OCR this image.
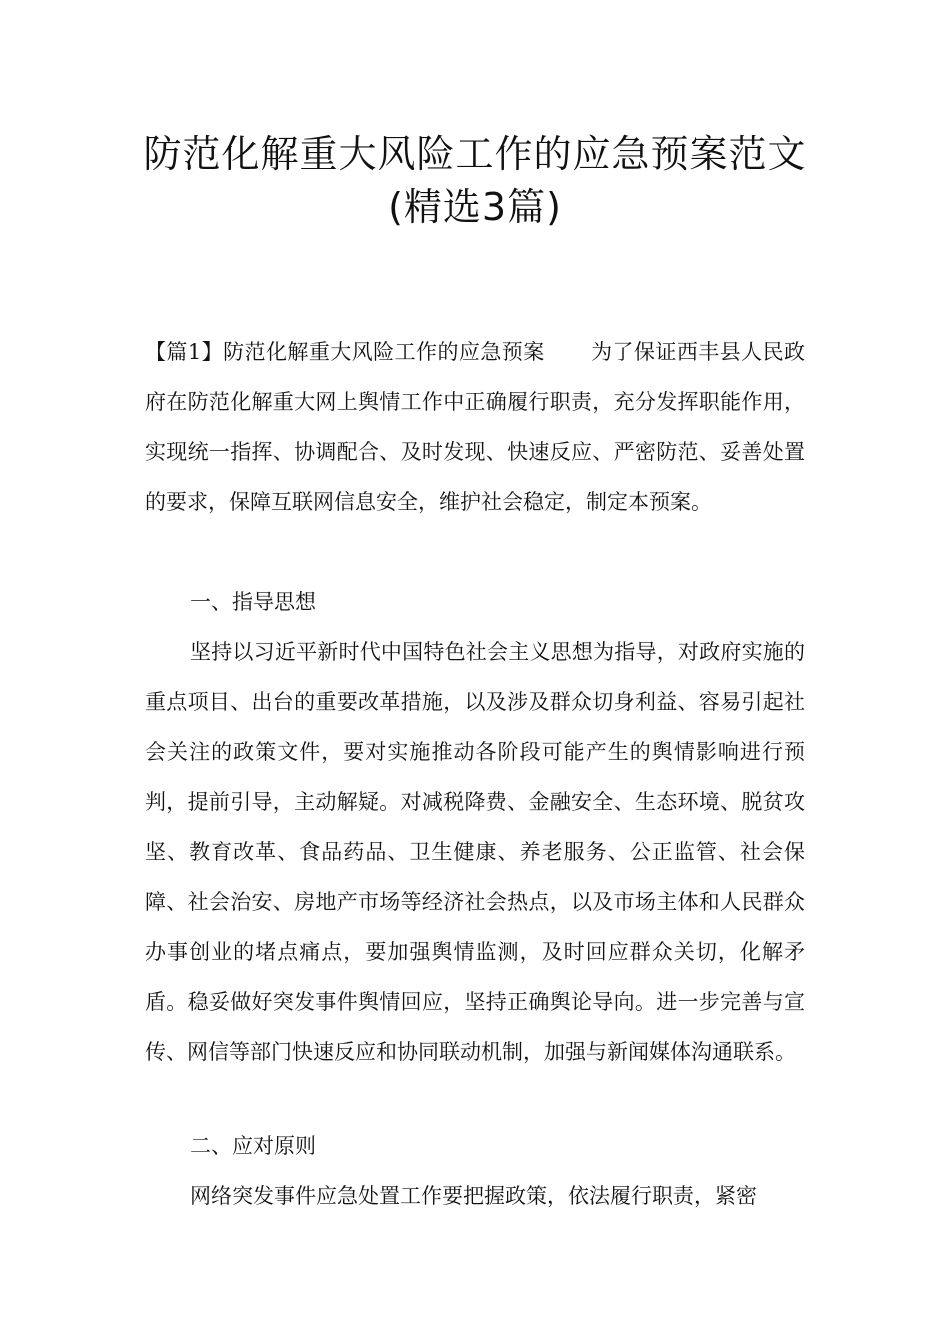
防范化解重大风险工作的应急预案范文
(精选3篇)
【篇1】防范化解重大风险工作的应急预案 为了保证西丰县人民政府在防范化解重大网上舆情工作中正确履行职责，充分发挥职能作用，实现统一指挥、协调配合、及时发现、快速反应、严密防范、妥善处置的要求，保障互联网信息安全，维护社会稳定，制定本预案。
一、指导思想
坚持以习近平新时代中国特色社会主义思想为指导，对政府实施的重点项目、出台的重要改革措施，以及涉及群众切身利益、容易引起社会关注的政策文件，要对实施推动各阶段可能产生的舆情影响进行预判，提前引导，主动解疑。对减税降费、金融安全、生态环境、脱贫攻坚、教育改革、食品药品、卫生健康、养老服务、公正监管、社会保障、社会治安、房地产市场等经济社会热点，以及市场主体和人民群众办事创业的堵点痛点，要加强舆情监测，及时回应群众关切，化解矛盾。稳妥做好突发事件舆情回应，坚持正确舆论导向。进一步完善与宣传、网信等部门快速反应和协同联动机制，加强与新闻媒体沟通联系。
二、应对原则
网络突发事件应急处置工作要把握政策，依法履行职责，紧密
